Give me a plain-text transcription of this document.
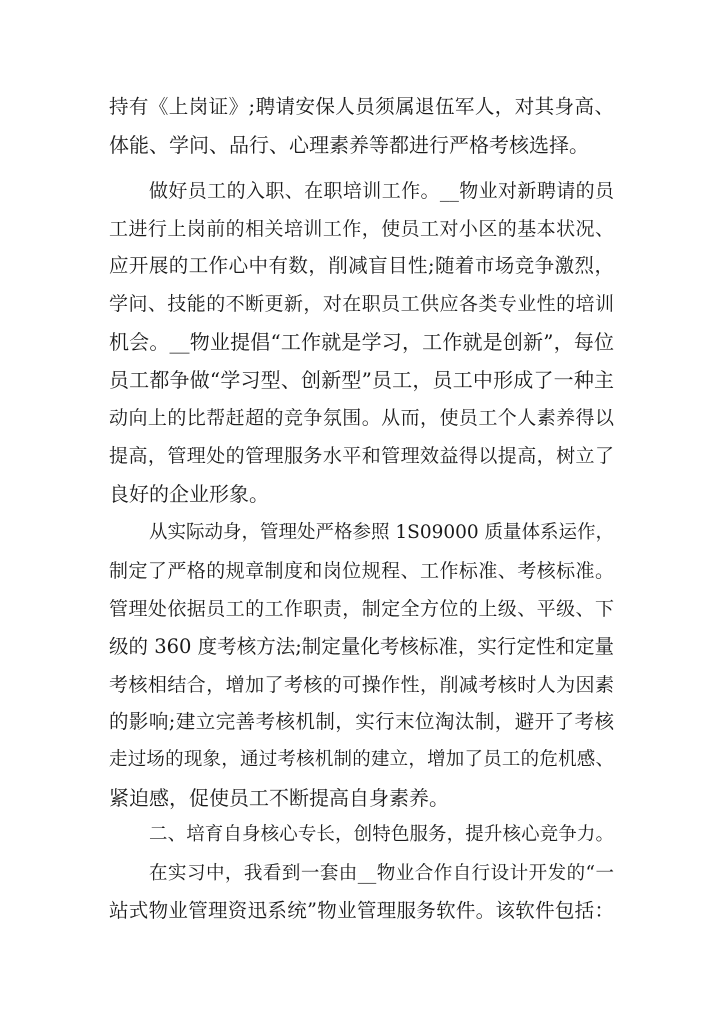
持有《上岗证》;聘请安保人员须属退伍军人，对其身高、
体能、学问、品行、心理素养等都进行严格考核选择。
做好员工的入职、在职培训工作。__物业对新聘请的员
工进行上岗前的相关培训工作，使员工对小区的基本状况、
应开展的工作心中有数，削减盲目性;随着市场竞争激烈，
学问、技能的不断更新，对在职员工供应各类专业性的培训
机会。__物业提倡“工作就是学习，工作就是创新”，每位
员工都争做“学习型、创新型”员工，员工中形成了一种主
动向上的比帮赶超的竞争氛围。从而，使员工个人素养得以
提高，管理处的管理服务水平和管理效益得以提高，树立了
良好的企业形象。
从实际动身，管理处严格参照 1S09000 质量体系运作，
制定了严格的规章制度和岗位规程、工作标准、考核标准。
管理处依据员工的工作职责，制定全方位的上级、平级、下
级的 360 度考核方法;制定量化考核标准，实行定性和定量
考核相结合，增加了考核的可操作性，削减考核时人为因素
的影响;建立完善考核机制，实行末位淘汰制，避开了考核
走过场的现象，通过考核机制的建立，增加了员工的危机感、
紧迫感，促使员工不断提高自身素养。
二、培育自身核心专长，创特色服务，提升核心竞争力。
在实习中，我看到一套由__物业合作自行设计开发的“一
站式物业管理资迅系统”物业管理服务软件。该软件包括：
